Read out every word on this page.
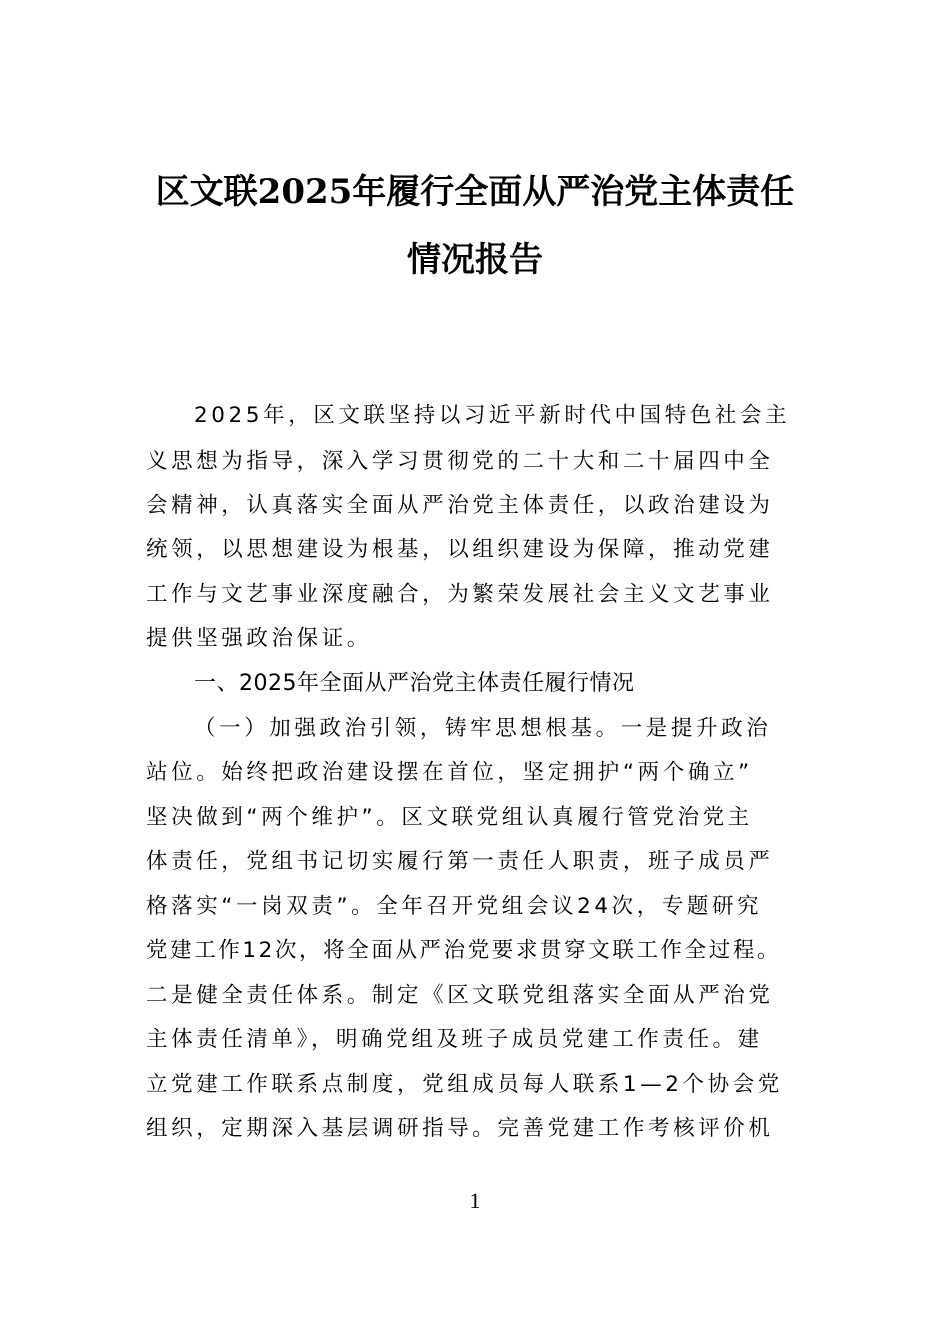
区文联2025年履行全面从严治党主体责任
情况报告
2025年，区文联坚持以习近平新时代中国特色社会主
义思想为指导，深入学习贯彻党的二十大和二十届四中全
会精神，认真落实全面从严治党主体责任，以政治建设为
统领，以思想建设为根基，以组织建设为保障，推动党建
工作与文艺事业深度融合，为繁荣发展社会主义文艺事业
提供坚强政治保证。
一、2025年全面从严治党主体责任履行情况
（一）加强政治引领，铸牢思想根基。一是提升政治
站位。始终把政治建设摆在首位，坚定拥护“两个确立”
坚决做到“两个维护”。区文联党组认真履行管党治党主
体责任，党组书记切实履行第一责任人职责，班子成员严
格落实“一岗双责”。全年召开党组会议24次，专题研究
党建工作12次，将全面从严治党要求贯穿文联工作全过程。
二是健全责任体系。制定《区文联党组落实全面从严治党
主体责任清单》，明确党组及班子成员党建工作责任。建
立党建工作联系点制度，党组成员每人联系1—2个协会党
组织，定期深入基层调研指导。完善党建工作考核评价机
1
